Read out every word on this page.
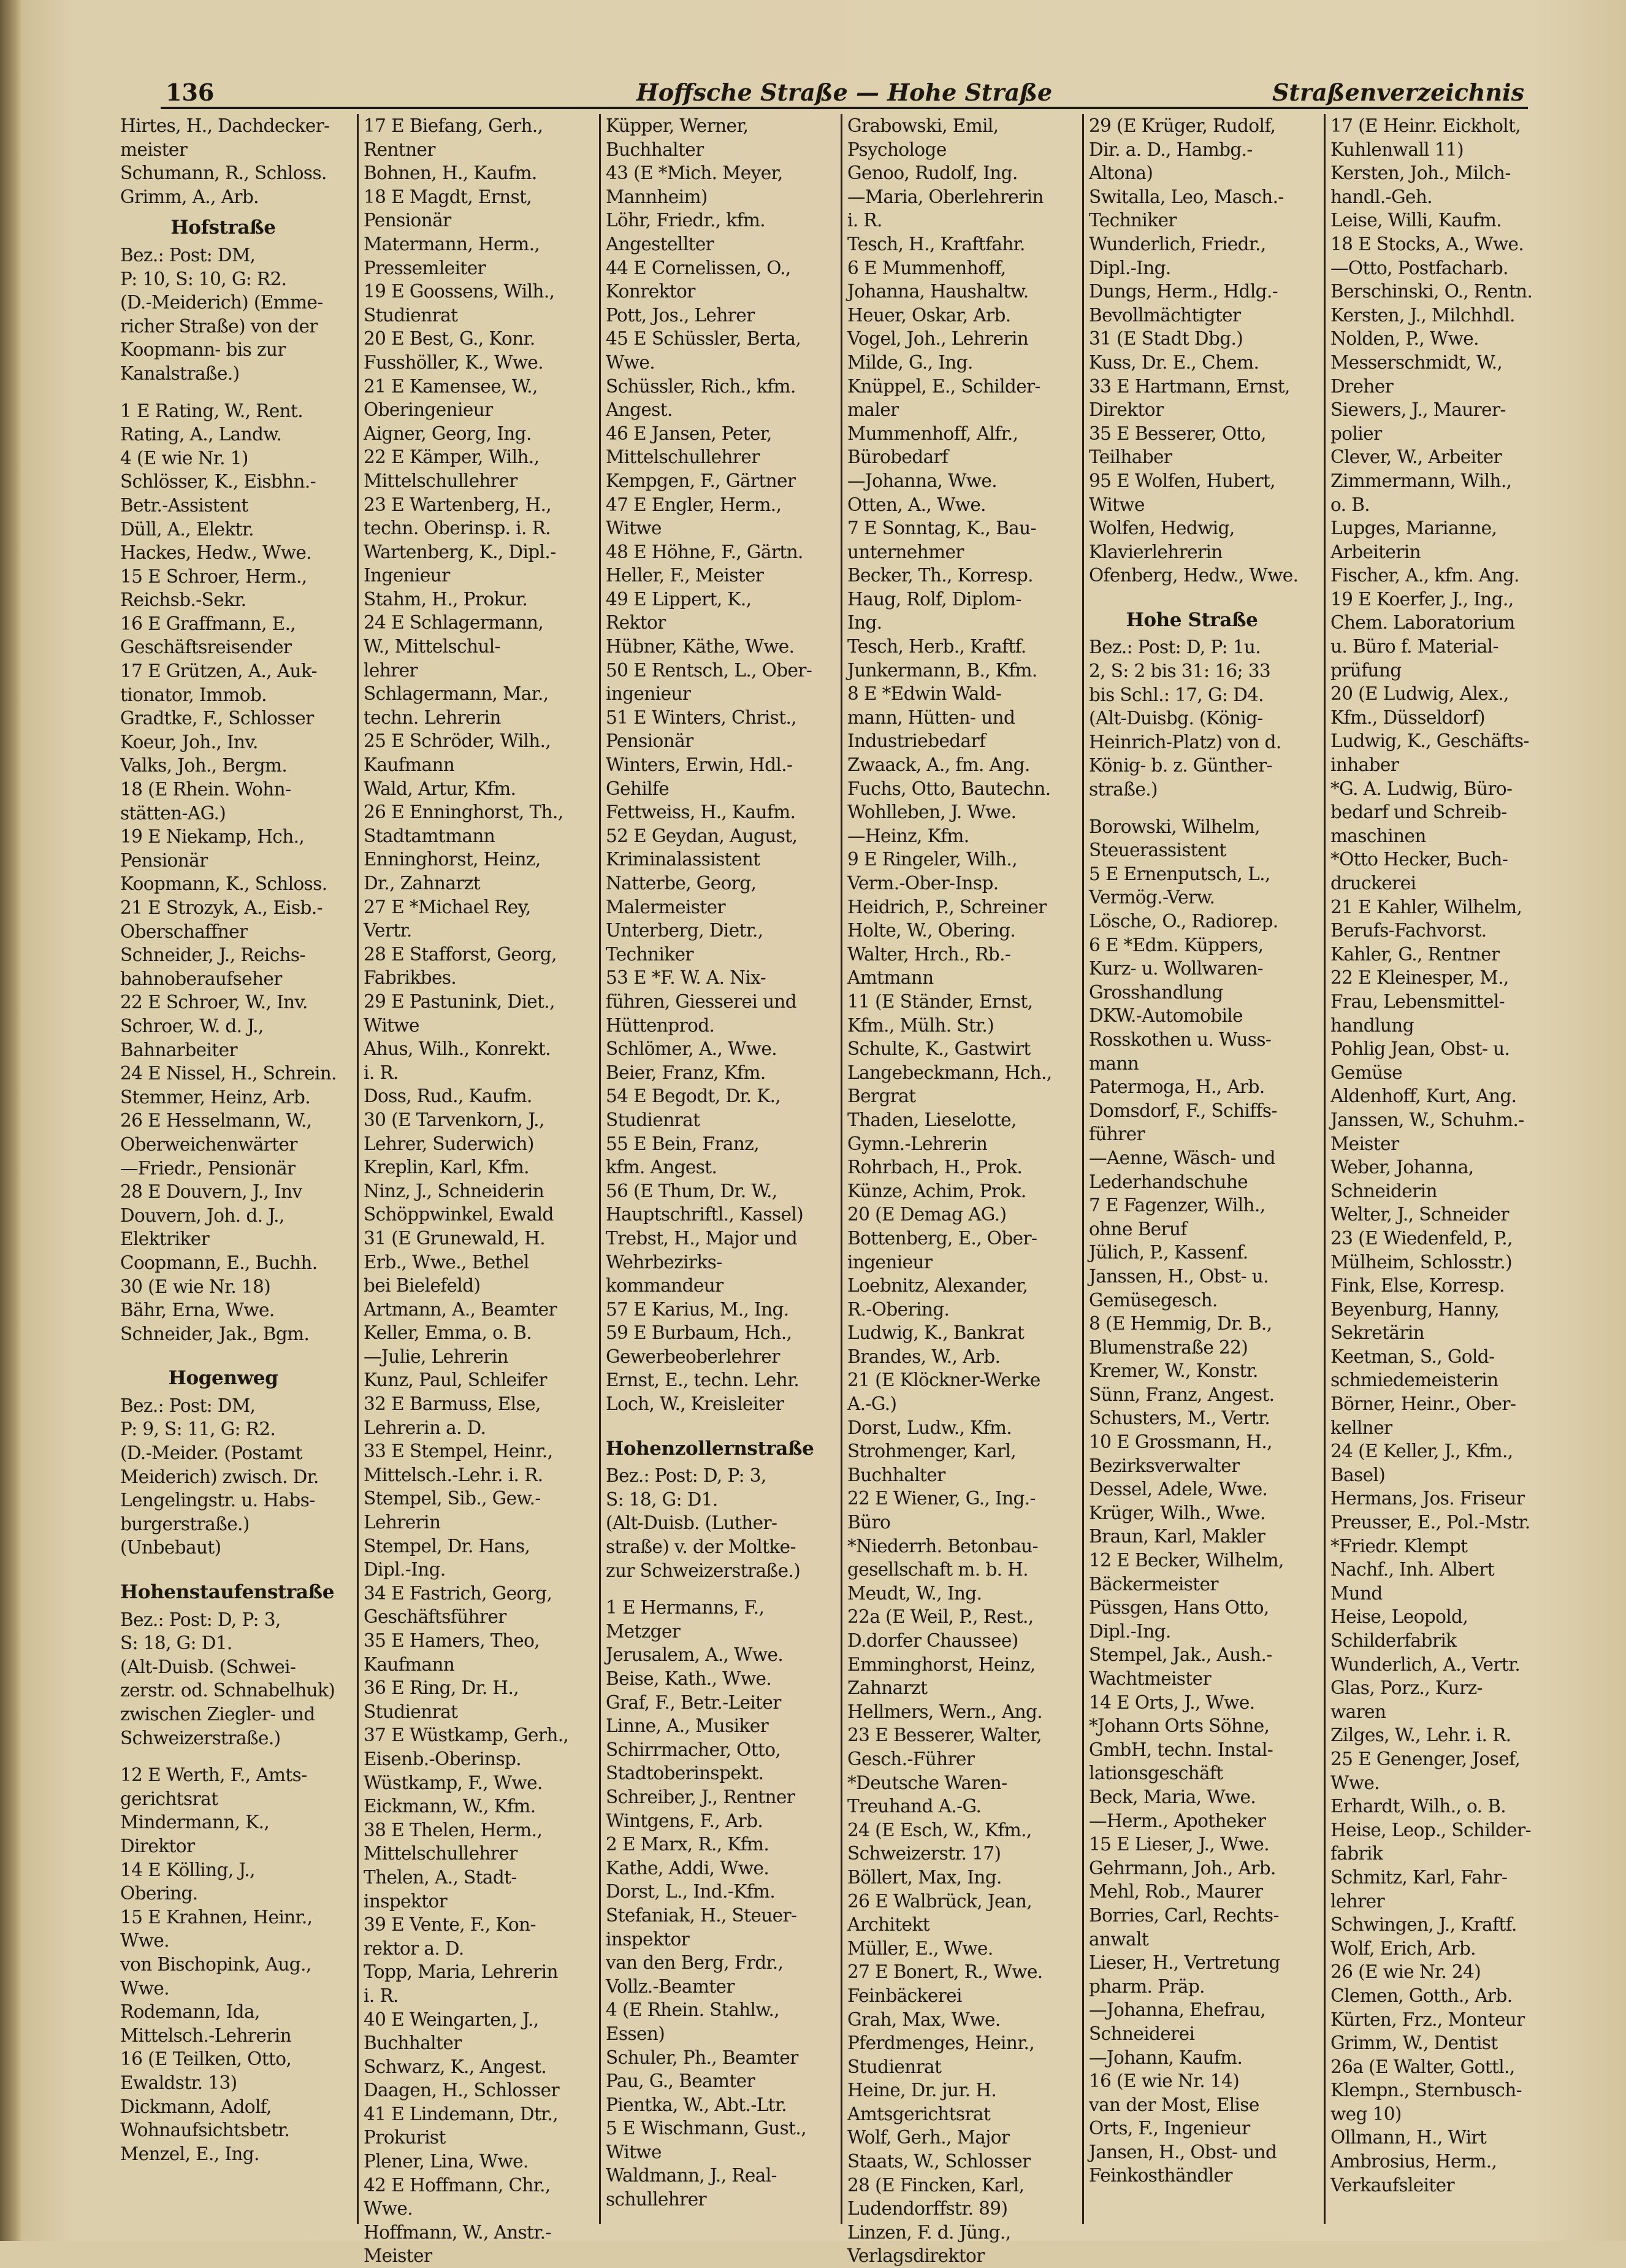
Hoffsche Straße — Hohe Straße
136	Straßenverzeichnis
Hirtes, H., Dachdecker-
meister
Schumann, R., Schloss.
Grimm, A., Arb.
Hofstraße
Bez.: Post: DM,
P: 10, S: 10, G: R2.
(D.-Meiderich) (Emme-
richer Straße) von der
Koopmann- bis zur
Kanalstraße.)
1 E Rating, W., Rent.
Rating, A., Landw.
4 (E wie Nr. 1)
Schlösser, K., Eisbhn.-
Betr.-Assistent
Düll, A., Elektr.
Hackes, Hedw., Wwe.
15 E Schroer, Herm.,
Reichsb.-Sekr.
16 E Graffmann, E.,
Geschäftsreisender
17 E Grützen, A., Auk-
tionator, Immob.
Gradtke, F., Schlosser
Koeur, Joh., Inv.
Valks, Joh., Bergm.
18 (E Rhein. Wohn-
stätten-AG.)
19 E Niekamp, Hch.,
Pensionär
Koopmann, K., Schloss.
21 E Strozyk, A., Eisb.-
Oberschaffner
Schneider, J., Reichs-
bahnoberaufseher
22 E Schroer, W., Inv.
Schroer, W. d. J.,
Bahnarbeiter
24 E Nissel, H., Schrein.
Stemmer, Heinz, Arb.
26 E Hesselmann, W.,
Oberweichenwärter
—Friedr., Pensionär
28 E Douvern, J., Inv
Douvern, Joh. d. J.,
Elektriker
Coopmann, E., Buchh.
30 (E wie Nr. 18)
Bähr, Erna, Wwe.
Schneider, Jak., Bgm.
Hogenweg
Bez.: Post: DM,
P: 9, S: 11, G: R2.
(D.-Meider. (Postamt
Meiderich) zwisch. Dr.
Lengelingstr. u. Habs-
burgerstraße.)
(Unbebaut)
Hohenstaufenstraße
Bez.: Post: D, P: 3,
S: 18, G: D1.
(Alt-Duisb. (Schwei-
zerstr. od. Schnabelhuk)
zwischen Ziegler- und
Schweizerstraße.)
12 E Werth, F., Amts-
gerichtsrat
Mindermann, K.,
Direktor
14 E Kölling, J.,
Obering.
15 E Krahnen, Heinr.,
Wwe.
von Bischopink, Aug.,
Wwe.
Rodemann, Ida,
Mittelsch.-Lehrerin
16 (E Teilken, Otto,
Ewaldstr. 13)
Dickmann, Adolf,
Wohnaufsichtsbetr.
Menzel, E., Ing.
17 E Biefang, Gerh.,
Rentner
Bohnen, H., Kaufm.
18 E Magdt, Ernst,
Pensionär
Matermann, Herm.,
Pressemleiter
19 E Goossens, Wilh.,
Studienrat
20 E Best, G., Konr.
Fusshöller, K., Wwe.
21 E Kamensee, W.,
Oberingenieur
Aigner, Georg, Ing.
22 E Kämper, Wilh.,
Mittelschullehrer
23 E Wartenberg, H.,
techn. Oberinsp. i. R.
Wartenberg, K., Dipl.-
Ingenieur
Stahm, H., Prokur.
24 E Schlagermann,
W., Mittelschul-
lehrer
Schlagermann, Mar.,
techn. Lehrerin
25 E Schröder, Wilh.,
Kaufmann
Wald, Artur, Kfm.
26 E Enninghorst, Th.,
Stadtamtmann
Enninghorst, Heinz,
Dr., Zahnarzt
27 E *Michael Rey,
Vertr.
28 E Stafforst, Georg,
Fabrikbes.
29 E Pastunink, Diet.,
Witwe
Ahus, Wilh., Konrekt.
i. R.
Doss, Rud., Kaufm.
30 (E Tarvenkorn, J.,
Lehrer, Suderwich)
Kreplin, Karl, Kfm.
Ninz, J., Schneiderin
Schöppwinkel, Ewald
31 (E Grunewald, H.
Erb., Wwe., Bethel
bei Bielefeld)
Artmann, A., Beamter
Keller, Emma, o. B.
—Julie, Lehrerin
Kunz, Paul, Schleifer
32 E Barmuss, Else,
Lehrerin a. D.
33 E Stempel, Heinr.,
Mittelsch.-Lehr. i. R.
Stempel, Sib., Gew.-
Lehrerin
Stempel, Dr. Hans,
Dipl.-Ing.
34 E Fastrich, Georg,
Geschäftsführer
35 E Hamers, Theo,
Kaufmann
36 E Ring, Dr. H.,
Studienrat
37 E Wüstkamp, Gerh.,
Eisenb.-Oberinsp.
Wüstkamp, F., Wwe.
Eickmann, W., Kfm.
38 E Thelen, Herm.,
Mittelschullehrer
Thelen, A., Stadt-
inspektor
39 E Vente, F., Kon-
rektor a. D.
Topp, Maria, Lehrerin
i. R.
40 E Weingarten, J.,
Buchhalter
Schwarz, K., Angest.
Daagen, H., Schlosser
41 E Lindemann, Dtr.,
Prokurist
Plener, Lina, Wwe.
42 E Hoffmann, Chr.,
Wwe.
Hoffmann, W., Anstr.-
Meister
Küpper, Werner,
Buchhalter
43 (E *Mich. Meyer,
Mannheim)
Löhr, Friedr., kfm.
Angestellter
44 E Cornelissen, O.,
Konrektor
Pott, Jos., Lehrer
45 E Schüssler, Berta,
Wwe.
Schüssler, Rich., kfm.
Angest.
46 E Jansen, Peter,
Mittelschullehrer
Kempgen, F., Gärtner
47 E Engler, Herm.,
Witwe
48 E Höhne, F., Gärtn.
Heller, F., Meister
49 E Lippert, K.,
Rektor
Hübner, Käthe, Wwe.
50 E Rentsch, L., Ober-
ingenieur
51 E Winters, Christ.,
Pensionär
Winters, Erwin, Hdl.-
Gehilfe
Fettweiss, H., Kaufm.
52 E Geydan, August,
Kriminalassistent
Natterbe, Georg,
Malermeister
Unterberg, Dietr.,
Techniker
53 E *F. W. A. Nix-
führen, Giesserei und
Hüttenprod.
Schlömer, A., Wwe.
Beier, Franz, Kfm.
54 E Begodt, Dr. K.,
Studienrat
55 E Bein, Franz,
kfm. Angest.
56 (E Thum, Dr. W.,
Hauptschriftl., Kassel)
Trebst, H., Major und
Wehrbezirks-
kommandeur
57 E Karius, M., Ing.
59 E Burbaum, Hch.,
Gewerbeoberlehrer
Ernst, E., techn. Lehr.
Loch, W., Kreisleiter
Hohenzollernstraße
Bez.: Post: D, P: 3,
S: 18, G: D1.
(Alt-Duisb. (Luther-
straße) v. der Moltke-
zur Schweizerstraße.)
1 E Hermanns, F.,
Metzger
Jerusalem, A., Wwe.
Beise, Kath., Wwe.
Graf, F., Betr.-Leiter
Linne, A., Musiker
Schirrmacher, Otto,
Stadtoberinspekt.
Schreiber, J., Rentner
Wintgens, F., Arb.
2 E Marx, R., Kfm.
Kathe, Addi, Wwe.
Dorst, L., Ind.-Kfm.
Stefaniak, H., Steuer-
inspektor
van den Berg, Frdr.,
Vollz.-Beamter
4 (E Rhein. Stahlw.,
Essen)
Schuler, Ph., Beamter
Pau, G., Beamter
Pientka, W., Abt.-Ltr.
5 E Wischmann, Gust.,
Witwe
Waldmann, J., Real-
schullehrer
Grabowski, Emil,
Psychologe
Genoo, Rudolf, Ing.
—Maria, Oberlehrerin
i. R.
Tesch, H., Kraftfahr.
6 E Mummenhoff,
Johanna, Haushaltw.
Heuer, Oskar, Arb.
Vogel, Joh., Lehrerin
Milde, G., Ing.
Knüppel, E., Schilder-
maler
Mummenhoff, Alfr.,
Bürobedarf
—Johanna, Wwe.
Otten, A., Wwe.
7 E Sonntag, K., Bau-
unternehmer
Becker, Th., Korresp.
Haug, Rolf, Diplom-
Ing.
Tesch, Herb., Kraftf.
Junkermann, B., Kfm.
8 E *Edwin Wald-
mann, Hütten- und
Industriebedarf
Zwaack, A., fm. Ang.
Fuchs, Otto, Bautechn.
Wohlleben, J. Wwe.
—Heinz, Kfm.
9 E Ringeler, Wilh.,
Verm.-Ober-Insp.
Heidrich, P., Schreiner
Holte, W., Obering.
Walter, Hrch., Rb.-
Amtmann
11 (E Ständer, Ernst,
Kfm., Mülh. Str.)
Schulte, K., Gastwirt
Langebeckmann, Hch.,
Bergrat
Thaden, Lieselotte,
Gymn.-Lehrerin
Rohrbach, H., Prok.
Künze, Achim, Prok.
20 (E Demag AG.)
Bottenberg, E., Ober-
ingenieur
Loebnitz, Alexander,
R.-Obering.
Ludwig, K., Bankrat
Brandes, W., Arb.
21 (E Klöckner-Werke
A.-G.)
Dorst, Ludw., Kfm.
Strohmenger, Karl,
Buchhalter
22 E Wiener, G., Ing.-
Büro
*Niederrh. Betonbau-
gesellschaft m. b. H.
Meudt, W., Ing.
22a (E Weil, P., Rest.,
D.dorfer Chaussee)
Emminghorst, Heinz,
Zahnarzt
Hellmers, Wern., Ang.
23 E Besserer, Walter,
Gesch.-Führer
*Deutsche Waren-
Treuhand A.-G.
24 (E Esch, W., Kfm.,
Schweizerstr. 17)
Böllert, Max, Ing.
26 E Walbrück, Jean,
Architekt
Müller, E., Wwe.
27 E Bonert, R., Wwe.
Feinbäckerei
Grah, Max, Wwe.
Pferdmenges, Heinr.,
Studienrat
Heine, Dr. jur. H.
Amtsgerichtsrat
Wolf, Gerh., Major
Staats, W., Schlosser
28 (E Fincken, Karl,
Ludendorffstr. 89)
Linzen, F. d. Jüng.,
Verlagsdirektor
29 (E Krüger, Rudolf,
Dir. a. D., Hambg.-
Altona)
Switalla, Leo, Masch.-
Techniker
Wunderlich, Friedr.,
Dipl.-Ing.
Dungs, Herm., Hdlg.-
Bevollmächtigter
31 (E Stadt Dbg.)
Kuss, Dr. E., Chem.
33 E Hartmann, Ernst,
Direktor
35 E Besserer, Otto,
Teilhaber
95 E Wolfen, Hubert,
Witwe
Wolfen, Hedwig,
Klavierlehrerin
Ofenberg, Hedw., Wwe.
Hohe Straße
Bez.: Post: D, P: 1u.
2, S: 2 bis 31: 16; 33
bis Schl.: 17, G: D4.
(Alt-Duisbg. (König-
Heinrich-Platz) von d.
König- b. z. Günther-
straße.)
Borowski, Wilhelm,
Steuerassistent
5 E Ernenputsch, L.,
Vermög.-Verw.
Lösche, O., Radiorep.
6 E *Edm. Küppers,
Kurz- u. Wollwaren-
Grosshandlung
DKW.-Automobile
Rosskothen u. Wuss-
mann
Patermoga, H., Arb.
Domsdorf, F., Schiffs-
führer
—Aenne, Wäsch- und
Lederhandschuhe
7 E Fagenzer, Wilh.,
ohne Beruf
Jülich, P., Kassenf.
Janssen, H., Obst- u.
Gemüsegesch.
8 (E Hemmig, Dr. B.,
Blumenstraße 22)
Kremer, W., Konstr.
Sünn, Franz, Angest.
Schusters, M., Vertr.
10 E Grossmann, H.,
Bezirksverwalter
Dessel, Adele, Wwe.
Krüger, Wilh., Wwe.
Braun, Karl, Makler
12 E Becker, Wilhelm,
Bäckermeister
Püssgen, Hans Otto,
Dipl.-Ing.
Stempel, Jak., Aush.-
Wachtmeister
14 E Orts, J., Wwe.
*Johann Orts Söhne,
GmbH, techn. Instal-
lationsgeschäft
Beck, Maria, Wwe.
—Herm., Apotheker
15 E Lieser, J., Wwe.
Gehrmann, Joh., Arb.
Mehl, Rob., Maurer
Borries, Carl, Rechts-
anwalt
Lieser, H., Vertretung
pharm. Präp.
—Johanna, Ehefrau,
Schneiderei
—Johann, Kaufm.
16 (E wie Nr. 14)
van der Most, Elise
Orts, F., Ingenieur
Jansen, H., Obst- und
Feinkosthändler
17 (E Heinr. Eickholt,
Kuhlenwall 11)
Kersten, Joh., Milch-
handl.-Geh.
Leise, Willi, Kaufm.
18 E Stocks, A., Wwe.
—Otto, Postfacharb.
Berschinski, O., Rentn.
Kersten, J., Milchhdl.
Nolden, P., Wwe.
Messerschmidt, W.,
Dreher
Siewers, J., Maurer-
polier
Clever, W., Arbeiter
Zimmermann, Wilh.,
o. B.
Lupges, Marianne,
Arbeiterin
Fischer, A., kfm. Ang.
19 E Koerfer, J., Ing.,
Chem. Laboratorium
u. Büro f. Material-
prüfung
20 (E Ludwig, Alex.,
Kfm., Düsseldorf)
Ludwig, K., Geschäfts-
inhaber
*G. A. Ludwig, Büro-
bedarf und Schreib-
maschinen
*Otto Hecker, Buch-
druckerei
21 E Kahler, Wilhelm,
Berufs-Fachvorst.
Kahler, G., Rentner
22 E Kleinesper, M.,
Frau, Lebensmittel-
handlung
Pohlig Jean, Obst- u.
Gemüse
Aldenhoff, Kurt, Ang.
Janssen, W., Schuhm.-
Meister
Weber, Johanna,
Schneiderin
Welter, J., Schneider
23 (E Wiedenfeld, P.,
Mülheim, Schlosstr.)
Fink, Else, Korresp.
Beyenburg, Hanny,
Sekretärin
Keetman, S., Gold-
schmiedemeisterin
Börner, Heinr., Ober-
kellner
24 (E Keller, J., Kfm.,
Basel)
Hermans, Jos. Friseur
Preusser, E., Pol.-Mstr.
*Friedr. Klempt
Nachf., Inh. Albert
Mund
Heise, Leopold,
Schilderfabrik
Wunderlich, A., Vertr.
Glas, Porz., Kurz-
waren
Zilges, W., Lehr. i. R.
25 E Genenger, Josef,
Wwe.
Erhardt, Wilh., o. B.
Heise, Leop., Schilder-
fabrik
Schmitz, Karl, Fahr-
lehrer
Schwingen, J., Kraftf.
Wolf, Erich, Arb.
26 (E wie Nr. 24)
Clemen, Gotth., Arb.
Kürten, Frz., Monteur
Grimm, W., Dentist
26a (E Walter, Gottl.,
Klempn., Sternbusch-
weg 10)
Ollmann, H., Wirt
Ambrosius, Herm.,
Verkaufsleiter
